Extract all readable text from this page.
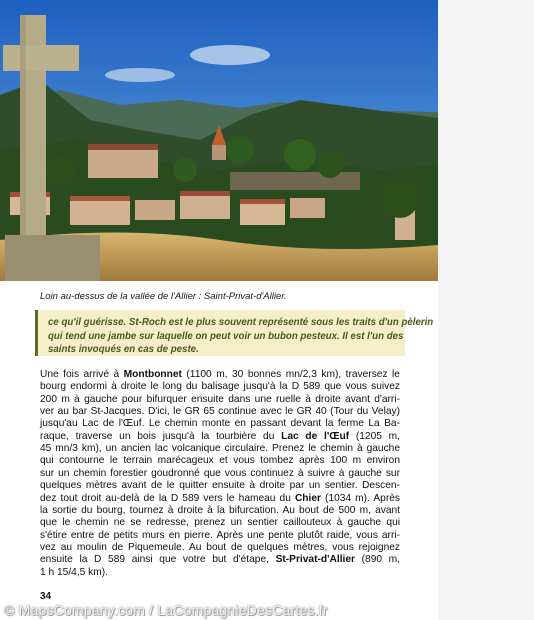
Loin au-dessus de la vallée de l'Allier : Saint-Privat-d'Allier.
ce qu'il guérisse. St-Roch est le plus souvent représenté sous les traits d'un pèlerin
qui tend une jambe sur laquelle on peut voir un bubon pesteux. Il est l'un des
saints invoqués en cas de peste.
Une fois arrivé à Montbonnet (1100 m, 30 bonnes mn/2,3 km), traversez le
bourg endormi à droite le long du balisage jusqu'à la D 589 que vous suivez
200 m à gauche pour bifurquer ensuite dans une ruelle à droite avant d'arri-
ver au bar St-Jacques. D'ici, le GR 65 continue avec le GR 40 (Tour du Velay)
jusqu'au Lac de l'Œuf. Le chemin monte en passant devant la ferme La Ba-
raque, traverse un bois jusqu'à la tourbière du Lac de l'Œuf (1205 m,
45 mn/3 km), un ancien lac volcanique circulaire. Prenez le chemin à gauche
qui contourne le terrain marécageux et vous tombez après 100 m environ
sur un chemin forestier goudronné que vous continuez à suivre à gauche sur
quelques mètres avant de le quitter ensuite à droite par un sentier. Descen-
dez tout droit au-delà de la D 589 vers le hameau du Chier (1034 m). Après
la sortie du bourg, tournez à droite à la bifurcation. Au bout de 500 m, avant
que le chemin ne se redresse, prenez un sentier caillouteux à gauche qui
s'étire entre de petits murs en pierre. Après une pente plutôt raide, vous arri-
vez au moulin de Piquemeule. Au bout de quelques mètres, vous rejoignez
ensuite la D 589 ainsi que votre but d'étape, St-Privat-d'Allier (890 m,
1 h 15/4,5 km).
34
© MapsCompany.com / LaCompagnieDesCartes.fr
